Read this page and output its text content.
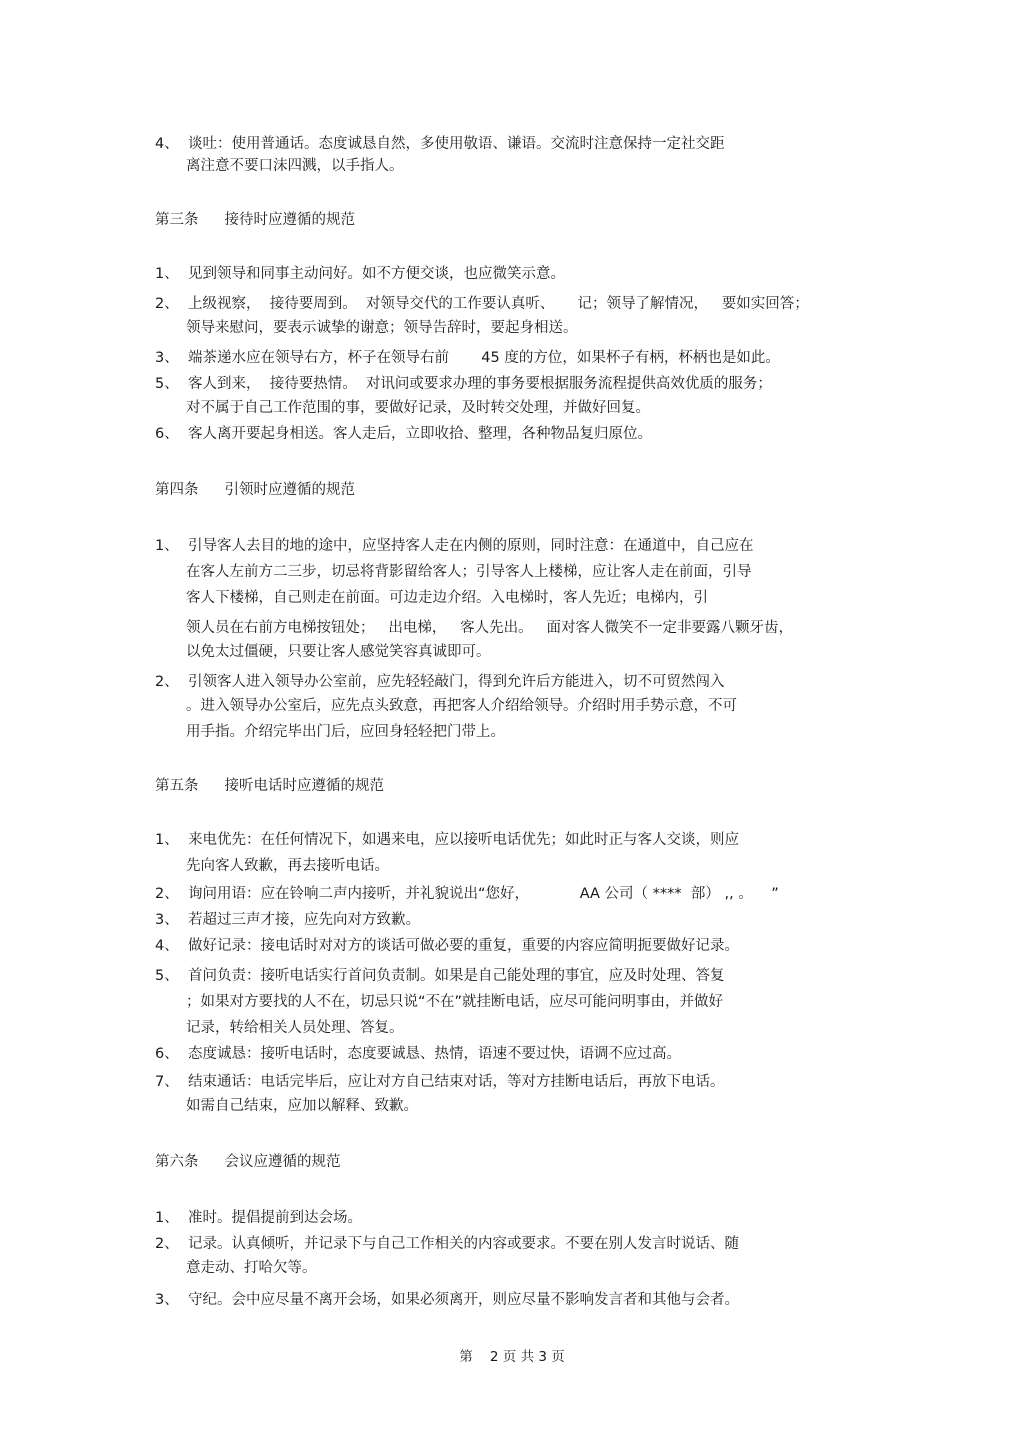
4、 谈吐：使用普通话。态度诚恳自然，多使用敬语、谦语。交流时注意保持一定社交距
离注意不要口沫四溅，以手指人。
第三条 接待时应遵循的规范
1、 见到领导和同事主动问好。如不方便交谈，也应微笑示意。
2、 上级视察，  接待要周到。  对领导交代的工作要认真听、     记；领导了解情况，   要如实回答；
领导来慰问，要表示诚挚的谢意；领导告辞时，要起身相送。
3、 端茶递水应在领导右方，杯子在领导右前       45 度的方位，如果杯子有柄，杯柄也是如此。
5、 客人到来，  接待要热情。  对讯问或要求办理的事务要根据服务流程提供高效优质的服务；
对不属于自己工作范围的事，要做好记录，及时转交处理，并做好回复。
6、 客人离开要起身相送。客人走后，立即收拾、整理，各种物品复归原位。
第四条 引领时应遵循的规范
1、 引导客人去目的地的途中，应坚持客人走在内侧的原则，同时注意：在通道中，自己应在
在客人左前方二三步，切忌将背影留给客人；引导客人上楼梯，应让客人走在前面，引导
客人下楼梯，自己则走在前面。可边走边介绍。入电梯时，客人先近；电梯内，引
领人员在右前方电梯按钮处；   出电梯，   客人先出。   面对客人微笑不一定非要露八颗牙齿，
以免太过僵硬，只要让客人感觉笑容真诚即可。
2、 引领客人进入领导办公室前，应先轻轻敲门，得到允许后方能进入，切不可贸然闯入
。进入领导办公室后，应先点头致意，再把客人介绍给领导。介绍时用手势示意，不可
用手指。介绍完毕出门后，应回身轻轻把门带上。
第五条 接听电话时应遵循的规范
1、 来电优先：在任何情况下，如遇来电，应以接听电话优先；如此时正与客人交谈，则应
先向客人致歉，再去接听电话。
2、 询问用语：应在铃响二声内接听，并礼貌说出“您好，           AA 公司（ ****  部） ,, 。    ”
3、 若超过三声才接，应先向对方致歉。
4、 做好记录：接电话时对对方的谈话可做必要的重复，重要的内容应简明扼要做好记录。
5、 首问负责：接听电话实行首问负责制。如果是自己能处理的事宜，应及时处理、答复
；如果对方要找的人不在，切忌只说“不在”就挂断电话，应尽可能问明事由，并做好
记录，转给相关人员处理、答复。
6、 态度诚恳：接听电话时，态度要诚恳、热情，语速不要过快，语调不应过高。
7、 结束通话：电话完毕后，应让对方自己结束对话，等对方挂断电话后，再放下电话。
如需自己结束，应加以解释、致歉。
第六条 会议应遵循的规范
1、 准时。提倡提前到达会场。
2、 记录。认真倾听，并记录下与自己工作相关的内容或要求。不要在别人发言时说话、随
意走动、打哈欠等。
3、 守纪。会中应尽量不离开会场，如果必须离开，则应尽量不影响发言者和其他与会者。
第    2 页 共 3 页
